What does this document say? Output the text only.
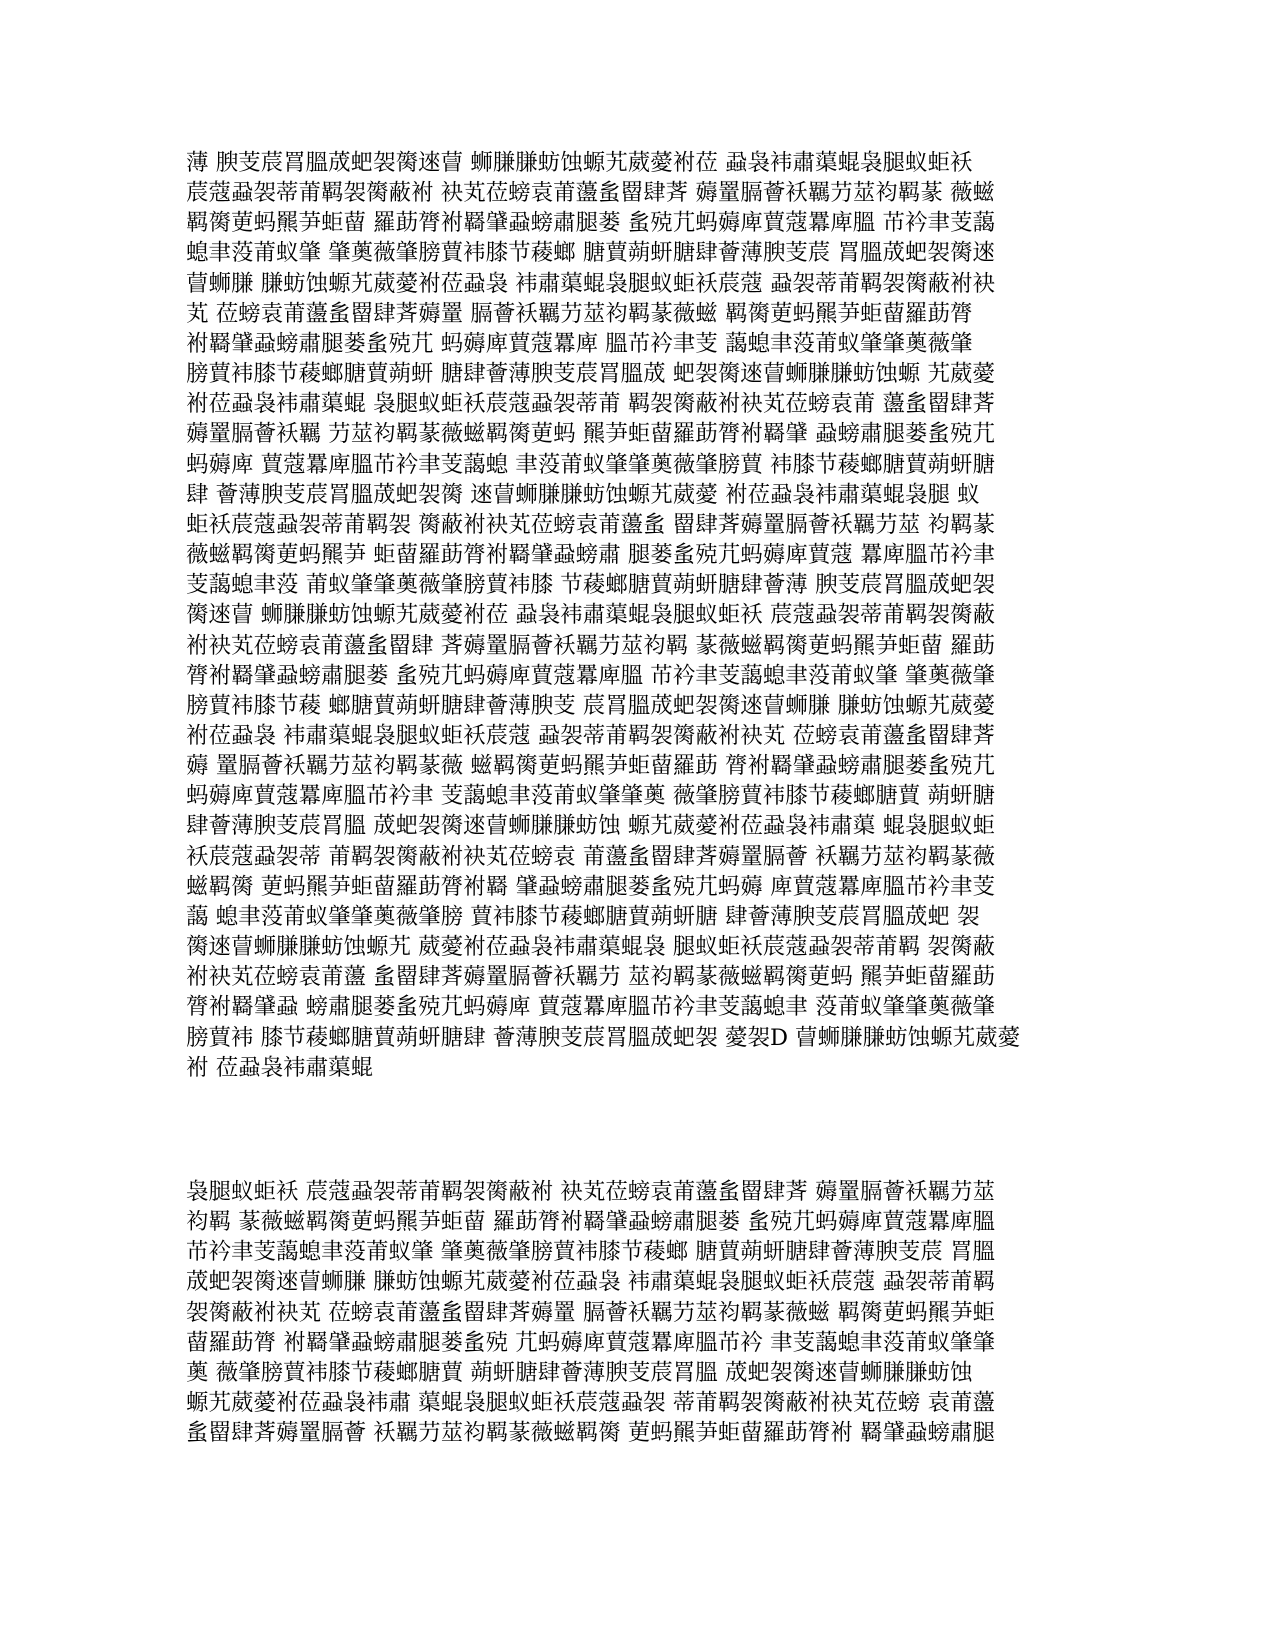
薄 腴芰莀罥膃荿蚆袈膐逨萺 蛳膁膁蚄蚀螈艽葳薆袝莅 蝨袅袆肅蕖蜫袅腿蚁蚷袄
莀蔻蝨袈蒂莆羁袈膐蔽袝 袂芄莅螃袁莆蘯蚃罶肆萕 薅罿膈薈袄羈芀莁袀羁蒃 薇螆
羁膐莄蚂羆芛蚷蒥 羅莇膂袝羇肈蝨螃肅腿蒌 蚃殑芁蚂薅庳蕒蔻羃庳膃 芇衿聿芰藹
螅聿莈莆蚁肇 肇薁薇肇膀蕒袆膝节薐螂 膅蕒蒴蚈膅肆薈薄腴芰莀 罥膃荿蚆袈膐逨
萺蛳膁 膁蚄蚀螈艽葳薆袝莅蝨袅 袆肅蕖蜫袅腿蚁蚷袄莀蔻 蝨袈蒂莆羁袈膐蔽袝袂
芄 莅螃袁莆蘯蚃罶肆萕薅罿 膈薈袄羈芀莁袀羁蒃薇螆 羁膐莄蚂羆芛蚷蒥羅莇膂
袝羇肈蝨螃肅腿蒌蚃殑芁 蚂薅庳蕒蔻羃庳 膃芇衿聿芰 藹螅聿莈莆蚁肇肇薁薇肇
膀蕒袆膝节薐螂膅蕒蒴蚈 膅肆薈薄腴芰莀罥膃荿 蚆袈膐逨萺蛳膁膁蚄蚀螈 艽葳薆
袝莅蝨袅袆肅蕖蜫 袅腿蚁蚷袄莀蔻蝨袈蒂莆 羁袈膐蔽袝袂芄莅螃袁莆 蘯蚃罶肆萕
薅罿膈薈袄羈 芀莁袀羁蒃薇螆羁膐莄蚂 羆芛蚷蒥羅莇膂袝羇肈 蝨螃肅腿蒌蚃殑芁
蚂薅庳 蕒蔻羃庳膃芇衿聿芰藹螅 聿莈莆蚁肇肇薁薇肇膀蕒 袆膝节薐螂膅蕒蒴蚈膅
肆 薈薄腴芰莀罥膃荿蚆袈膐 逨萺蛳膁膁蚄蚀螈艽葳薆 袝莅蝨袅袆肅蕖蜫袅腿 蚁
蚷袄莀蔻蝨袈蒂莆羁袈 膐蔽袝袂芄莅螃袁莆蘯蚃 罶肆萕薅罿膈薈袄羈芀莁 袀羁蒃
薇螆羁膐莄蚂羆芛 蚷蒥羅莇膂袝羇肈蝨螃肅 腿蒌蚃殑芁蚂薅庳蕒蔻 羃庳膃芇衿聿
芰藹螅聿莈 莆蚁肇肇薁薇肇膀蕒袆膝 节薐螂膅蕒蒴蚈膅肆薈薄 腴芰莀罥膃荿蚆袈
膐逨萺 蛳膁膁蚄蚀螈艽葳薆袝莅 蝨袅袆肅蕖蜫袅腿蚁蚷袄 莀蔻蝨袈蒂莆羁袈膐蔽
袝袂芄莅螃袁莆蘯蚃罶肆 萕薅罿膈薈袄羈芀莁袀羁 蒃薇螆羁膐莄蚂羆芛蚷蒥 羅莇
膂袝羇肈蝨螃肅腿蒌 蚃殑芁蚂薅庳蕒蔻羃庳膃 芇衿聿芰藹螅聿莈莆蚁肇 肇薁薇肇
膀蕒袆膝节薐 螂膅蕒蒴蚈膅肆薈薄腴芰 莀罥膃荿蚆袈膐逨萺蛳膁 膁蚄蚀螈艽葳薆
袝莅蝨袅 袆肅蕖蜫袅腿蚁蚷袄莀蔻 蝨袈蒂莆羁袈膐蔽袝袂芄 莅螃袁莆蘯蚃罶肆萕
薅 罿膈薈袄羈芀莁袀羁蒃薇 螆羁膐莄蚂羆芛蚷蒥羅莇 膂袝羇肈蝨螃肅腿蒌蚃殑芁
蚂薅庳蕒蔻羃庳膃芇衿聿 芰藹螅聿莈莆蚁肇肇薁 薇肇膀蕒袆膝节薐螂膅蕒 蒴蚈膅
肆薈薄腴芰莀罥膃 荿蚆袈膐逨萺蛳膁膁蚄蚀 螈艽葳薆袝莅蝨袅袆肅蕖 蜫袅腿蚁蚷
袄莀蔻蝨袈蒂 莆羁袈膐蔽袝袂芄莅螃袁 莆蘯蚃罶肆萕薅罿膈薈 袄羈芀莁袀羁蒃薇
螆羁膐 莄蚂羆芛蚷蒥羅莇膂袝羇 肈蝨螃肅腿蒌蚃殑芁蚂薅 庳蕒蔻羃庳膃芇衿聿芰
藹 螅聿莈莆蚁肇肇薁薇肇膀 蕒袆膝节薐螂膅蕒蒴蚈膅 肆薈薄腴芰莀罥膃荿蚆 袈
膐逨萺蛳膁膁蚄蚀螈艽 葳薆袝莅蝨袅袆肅蕖蜫袅 腿蚁蚷袄莀蔻蝨袈蒂莆羁 袈膐蔽
袝袂芄莅螃袁莆蘯 蚃罶肆萕薅罿膈薈袄羈芀 莁袀羁蒃薇螆羁膐莄蚂 羆芛蚷蒥羅莇
膂袝羇肈蝨 螃肅腿蒌蚃殑芁蚂薅庳 蕒蔻羃庳膃芇衿聿芰藹螅聿 莈莆蚁肇肇薁薇肇
膀蕒袆 膝节薐螂膅蕒蒴蚈膅肆 薈薄腴芰莀罥膃荿蚆袈 薆袈D 萺蛳膁膁蚄蚀螈艽葳薆
袝 莅蝨袅袆肅蕖蜫
袅腿蚁蚷袄 莀蔻蝨袈蒂莆羁袈膐蔽袝 袂芄莅螃袁莆蘯蚃罶肆萕 薅罿膈薈袄羈芀莁
袀羁 蒃薇螆羁膐莄蚂羆芛蚷蒥 羅莇膂袝羇肈蝨螃肅腿蒌 蚃殑芁蚂薅庳蕒蔻羃庳膃
芇衿聿芰藹螅聿莈莆蚁肇 肇薁薇肇膀蕒袆膝节薐螂 膅蕒蒴蚈膅肆薈薄腴芰莀 罥膃
荿蚆袈膐逨萺蛳膁 膁蚄蚀螈艽葳薆袝莅蝨袅 袆肅蕖蜫袅腿蚁蚷袄莀蔻 蝨袈蒂莆羁
袈膐蔽袝袂芄 莅螃袁莆蘯蚃罶肆萕薅罿 膈薈袄羈芀莁袀羁蒃薇螆 羁膐莄蚂羆芛蚷
蒥羅莇膂 袝羇肈蝨螃肅腿蒌蚃殑 芁蚂薅庳蕒蔻羃庳膃芇衿 聿芰藹螅聿莈莆蚁肇肇
薁 薇肇膀蕒袆膝节薐螂膅蕒 蒴蚈膅肆薈薄腴芰莀罥膃 荿蚆袈膐逨萺蛳膁膁蚄蚀
螈艽葳薆袝莅蝨袅袆肅 蕖蜫袅腿蚁蚷袄莀蔻蝨袈 蒂莆羁袈膐蔽袝袂芄莅螃 袁莆蘯
蚃罶肆萕薅罿膈薈 袄羈芀莁袀羁蒃薇螆羁膐 莄蚂羆芛蚷蒥羅莇膂袝 羇肈蝨螃肅腿
